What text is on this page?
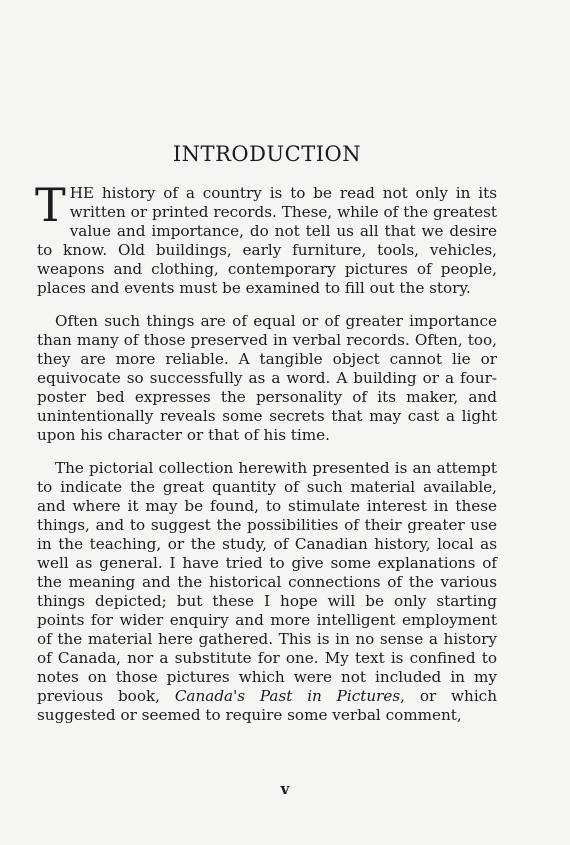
INTRODUCTION

THE history of a country is to be read not only in its written or printed records. These, while of the greatest value and importance, do not tell us all that we desire to know. Old buildings, early furniture, tools, vehicles, weapons and clothing, contemporary pictures of people, places and events must be examined to fill out the story.

Often such things are of equal or of greater importance than many of those preserved in verbal records. Often, too, they are more reliable. A tangible object cannot lie or equivocate so successfully as a word. A building or a four-poster bed expresses the personality of its maker, and unintentionally reveals some secrets that may cast a light upon his character or that of his time.

The pictorial collection herewith presented is an attempt to indicate the great quantity of such material available, and where it may be found, to stimulate interest in these things, and to suggest the possibilities of their greater use in the teaching, or the study, of Canadian history, local as well as general. I have tried to give some explanations of the meaning and the historical connections of the various things depicted; but these I hope will be only starting points for wider enquiry and more intelligent employment of the material here gathered. This is in no sense a history of Canada, nor a substitute for one. My text is confined to notes on those pictures which were not included in my previous book, Canada's Past in Pictures, or which suggested or seemed to require some verbal comment,

v
